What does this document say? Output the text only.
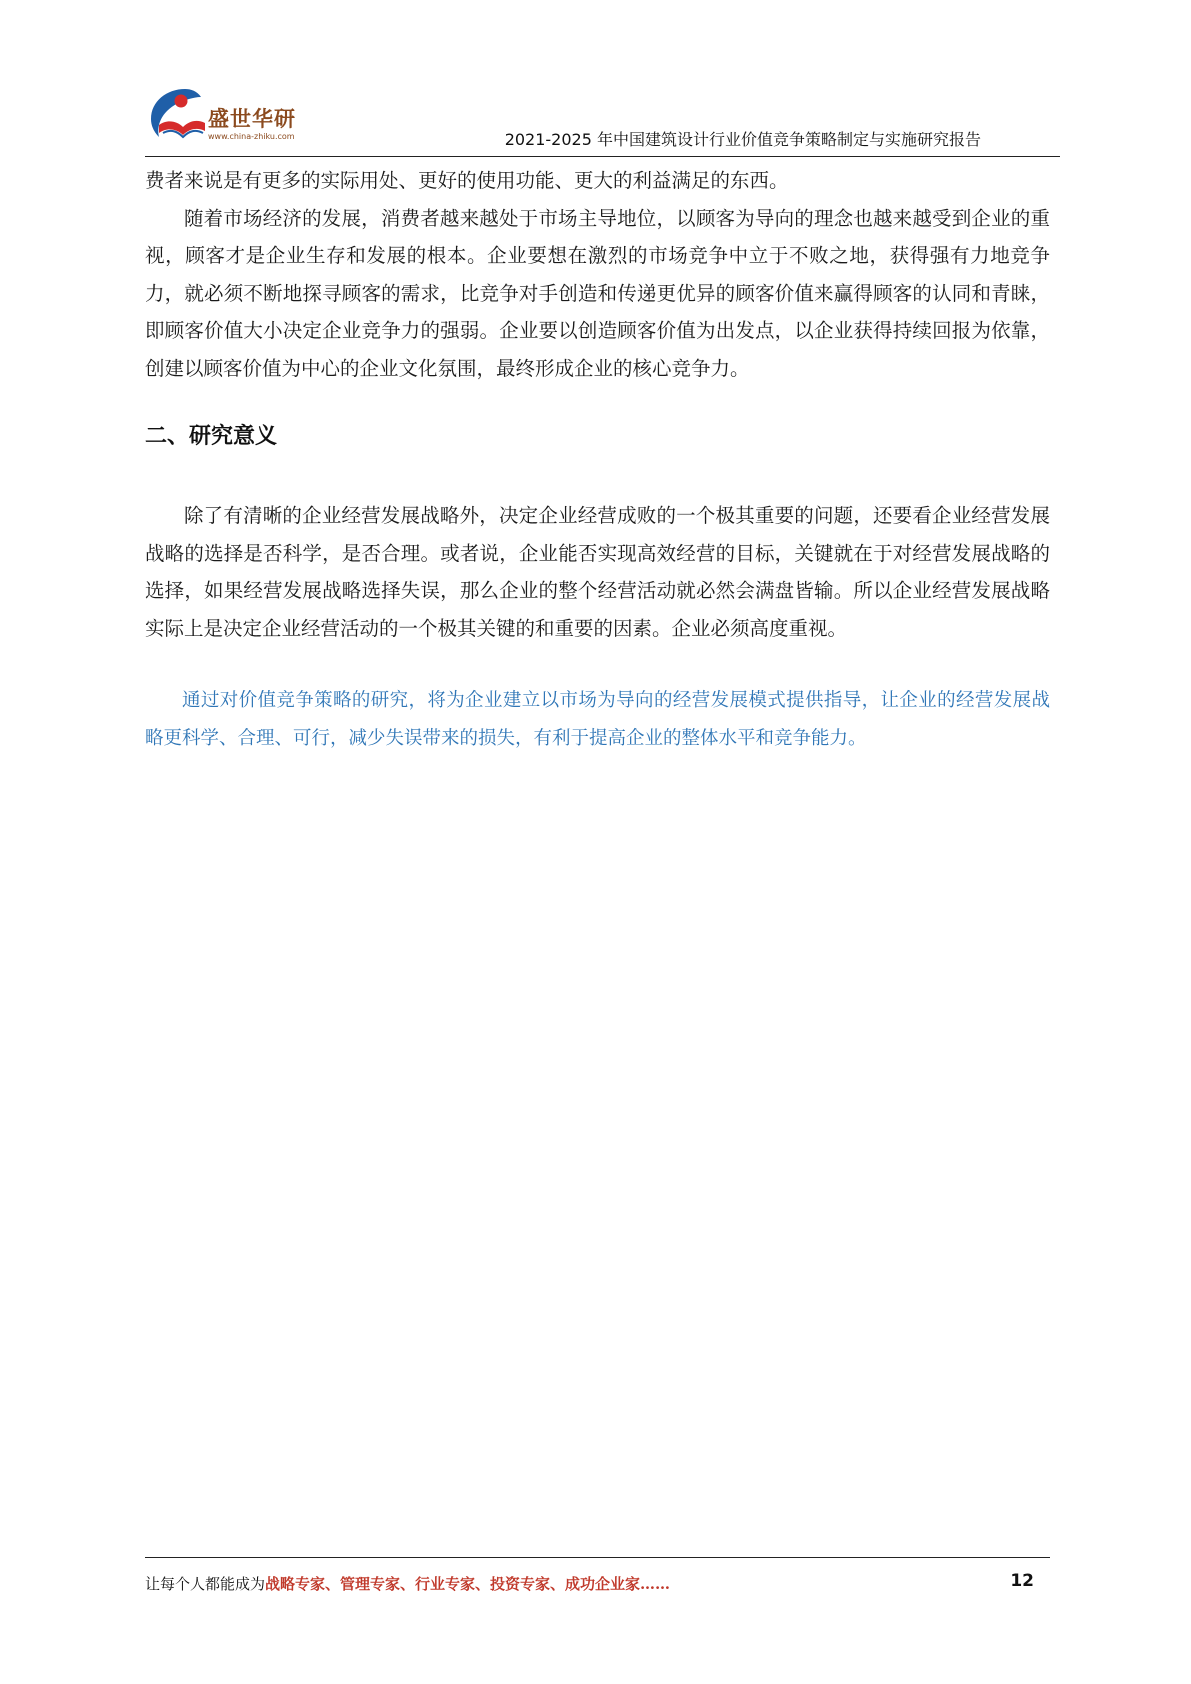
盛世华研
www.china-zhiku.com	2021-2025 年中国建筑设计行业价值竞争策略制定与实施研究报告

费者来说是有更多的实际用处、更好的使用功能、更大的利益满足的东西。

随着市场经济的发展，消费者越来越处于市场主导地位，以顾客为导向的理念也越来越受到企业的重视，顾客才是企业生存和发展的根本。企业要想在激烈的市场竞争中立于不败之地，获得强有力地竞争力，就必须不断地探寻顾客的需求，比竞争对手创造和传递更优异的顾客价值来赢得顾客的认同和青睐，即顾客价值大小决定企业竞争力的强弱。企业要以创造顾客价值为出发点，以企业获得持续回报为依靠，创建以顾客价值为中心的企业文化氛围，最终形成企业的核心竞争力。

二、研究意义

除了有清晰的企业经营发展战略外，决定企业经营成败的一个极其重要的问题，还要看企业经营发展战略的选择是否科学，是否合理。或者说，企业能否实现高效经营的目标，关键就在于对经营发展战略的选择，如果经营发展战略选择失误，那么企业的整个经营活动就必然会满盘皆输。所以企业经营发展战略实际上是决定企业经营活动的一个极其关键的和重要的因素。企业必须高度重视。

通过对价值竞争策略的研究，将为企业建立以市场为导向的经营发展模式提供指导，让企业的经营发展战略更科学、合理、可行，减少失误带来的损失，有利于提高企业的整体水平和竞争能力。

让每个人都能成为战略专家、管理专家、行业专家、投资专家、成功企业家……	12
